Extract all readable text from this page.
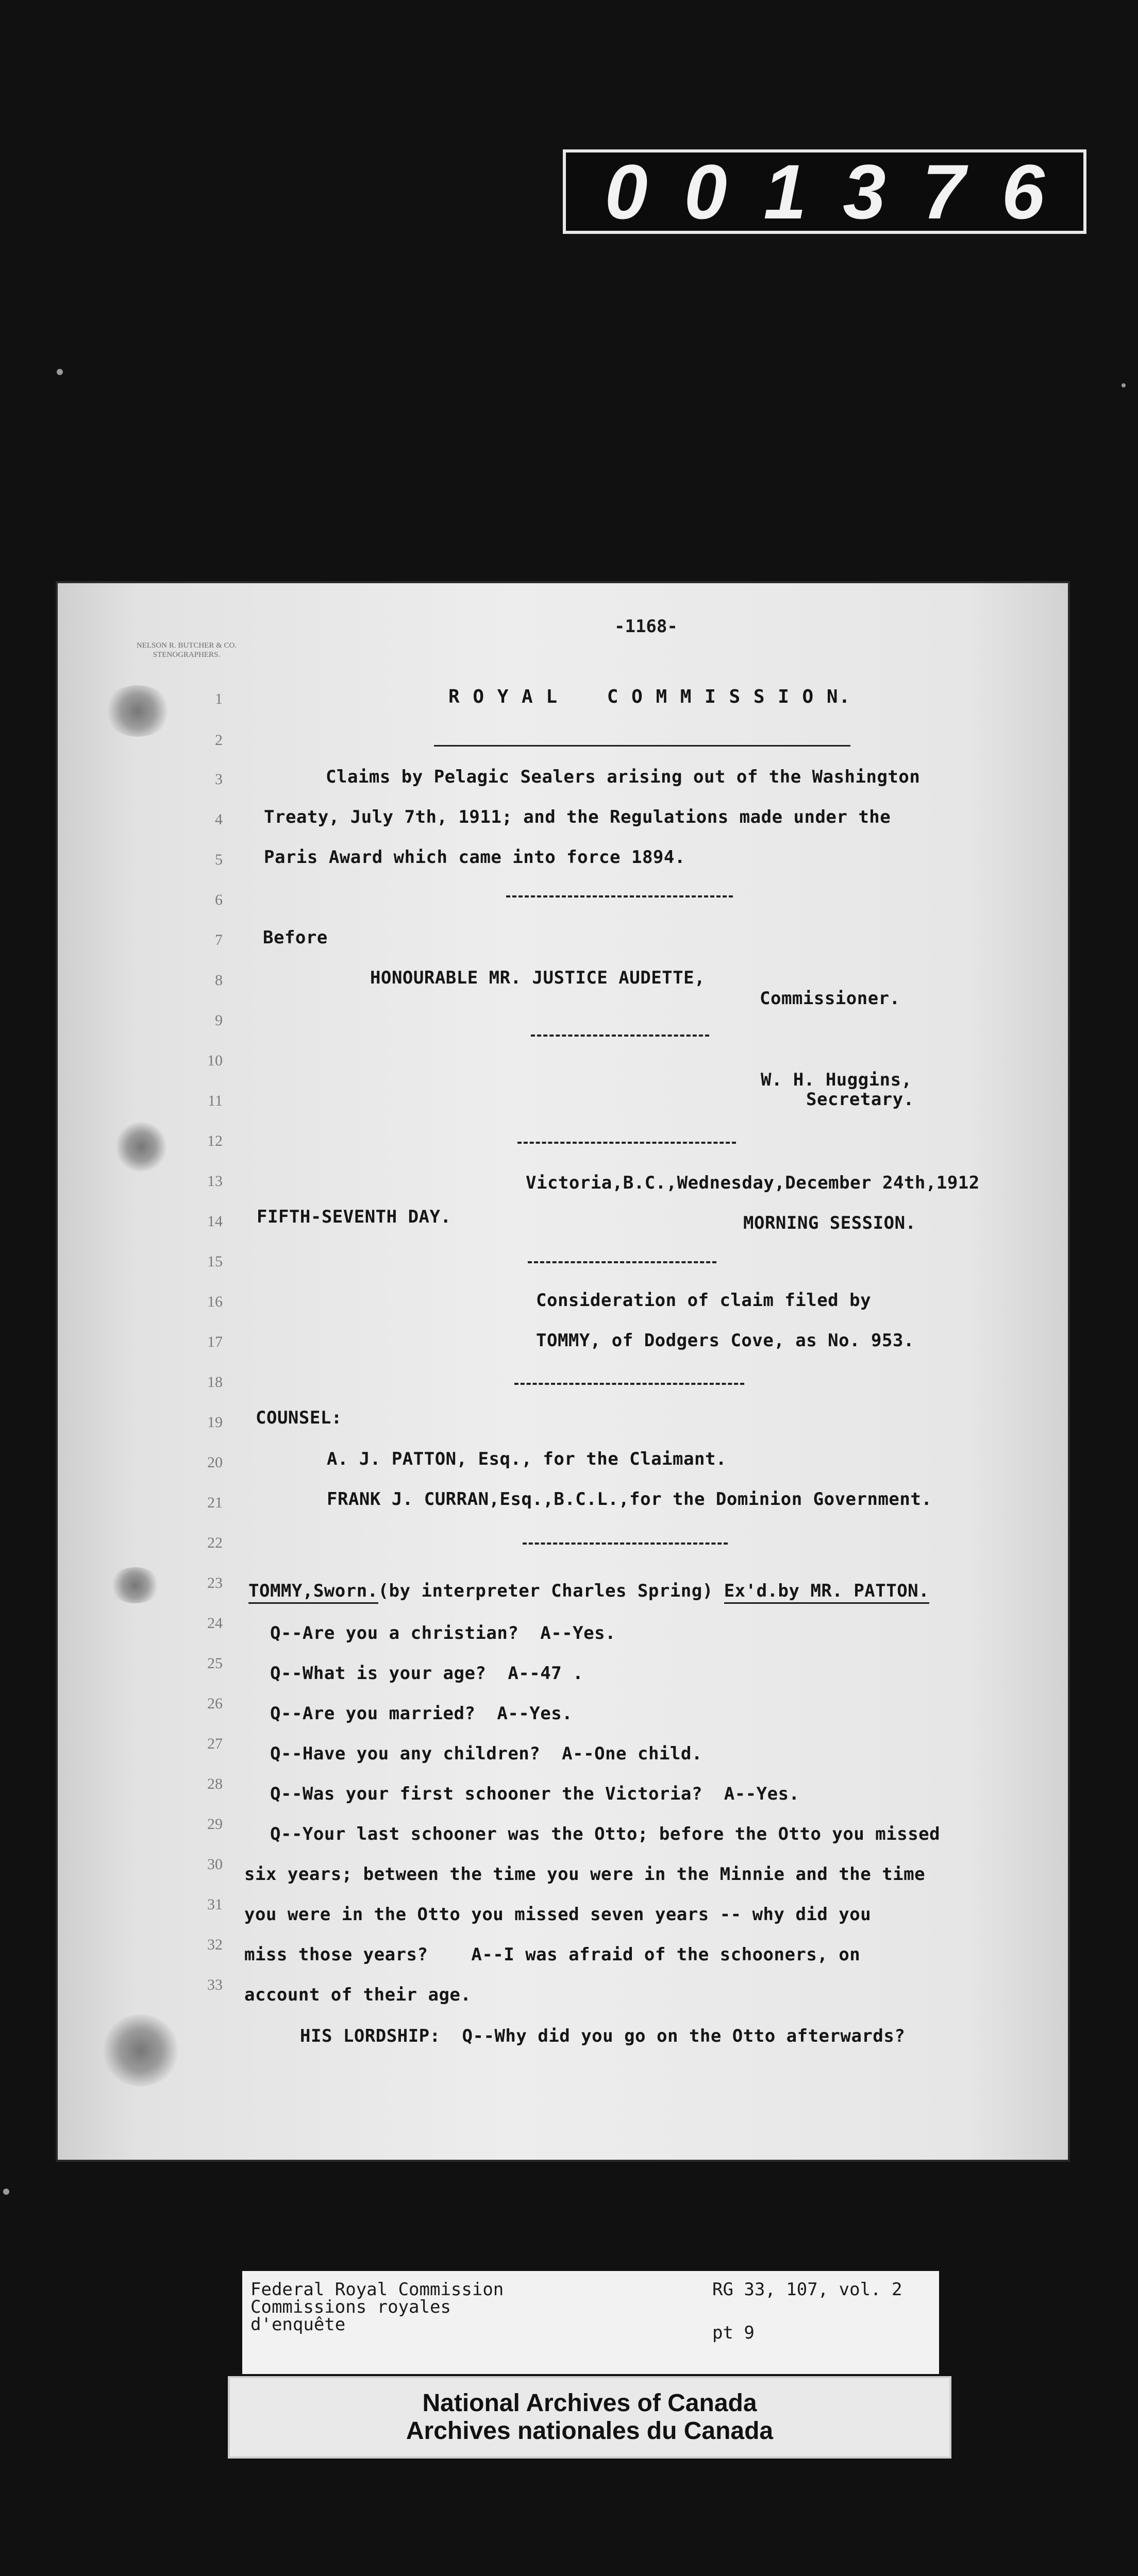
0 0 1 3 7 6
NELSON R. BUTCHER & CO. STENOGRAPHERS.
-1168-
1
2
3
4
5
6
7
8
9
10
11
12
13
14
15
16
17
18
19
20
21
22
23
24
25
26
27
28
29
30
31
32
33
R O Y A L    C O M M I S S I O N.
Claims by Pelagic Sealers arising out of the Washington
Treaty, July 7th, 1911; and the Regulations made under the
Paris Award which came into force 1894.
Before
HONOURABLE MR. JUSTICE AUDETTE,
Commissioner.
W. H. Huggins,
Secretary.
Victoria,B.C.,Wednesday,December 24th,1912
FIFTH-SEVENTH DAY.	MORNING SESSION.
Consideration of claim filed by
TOMMY, of Dodgers Cove, as No. 953.
COUNSEL:
A. J. PATTON, Esq., for the Claimant.
FRANK J. CURRAN,Esq.,B.C.L.,for the Dominion Government.
TOMMY,Sworn.(by interpreter Charles Spring) Ex'd.by MR. PATTON.
Q--Are you a christian?  A--Yes.
Q--What is your age?  A--47 .
Q--Are you married?  A--Yes.
Q--Have you any children?  A--One child.
Q--Was your first schooner the Victoria?  A--Yes.
Q--Your last schooner was the Otto; before the Otto you missed
six years; between the time you were in the Minnie and the time
you were in the Otto you missed seven years -- why did you
miss those years?    A--I was afraid of the schooners, on
account of their age.
HIS LORDSHIP:  Q--Why did you go on the Otto afterwards?
Federal Royal Commission
Commissions royales
d'enquête
RG 33, 107, vol. 2
pt 9
National Archives of Canada
Archives nationales du Canada
